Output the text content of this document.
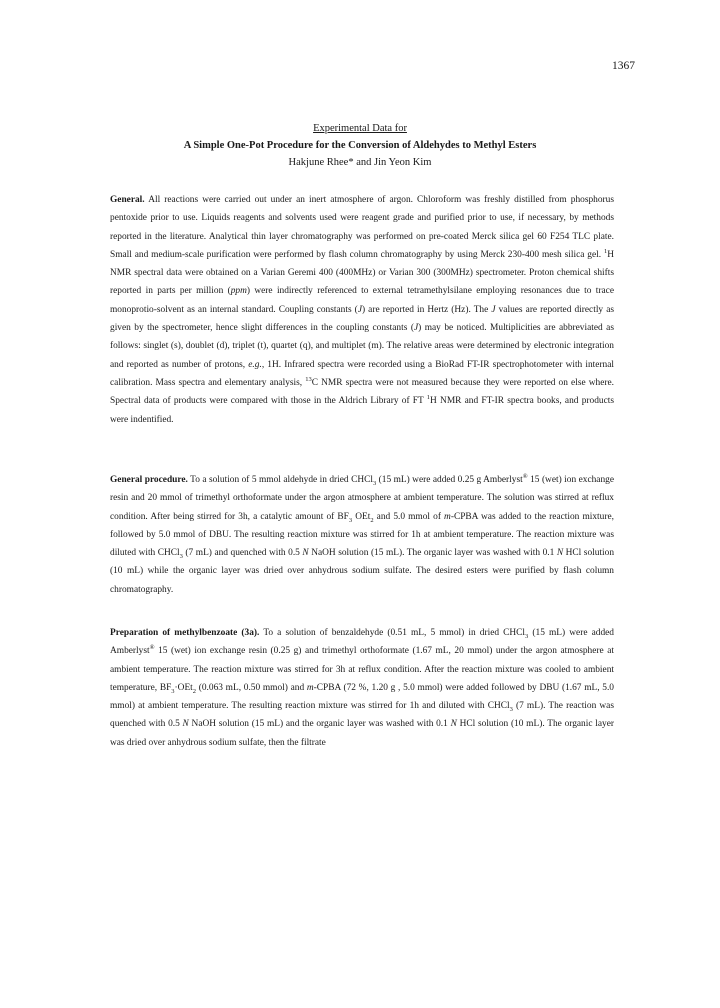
1367
Experimental Data for
A Simple One-Pot Procedure for the Conversion of Aldehydes to Methyl Esters
Hakjune Rhee* and Jin Yeon Kim

General. All reactions were carried out under an inert atmosphere of argon. Chloroform was freshly distilled from phosphorus pentoxide prior to use. Liquids reagents and solvents used were reagent grade and purified prior to use, if necessary, by methods reported in the literature. Analytical thin layer chromatography was performed on pre-coated Merck silica gel 60 F254 TLC plate. Small and medium-scale purification were performed by flash column chromatography by using Merck 230-400 mesh silica gel. $^1$H NMR spectral data were obtained on a Varian Geremi 400 (400MHz) or Varian 300 (300MHz) spectrometer. Proton chemical shifts reported in parts per million (ppm) were indirectly referenced to external tetramethylsilane employing resonances due to trace monoprotio-solvent as an internal standard. Coupling constants (J) are reported in Hertz (Hz). The J values are reported directly as given by the spectrometer, hence slight differences in the coupling constants (J) may be noticed. Multiplicities are abbreviated as follows: singlet (s), doublet (d), triplet (t), quartet (q), and multiplet (m). The relative areas were determined by electronic integration and reported as number of protons, e.g., 1H. Infrared spectra were recorded using a BioRad FT-IR spectrophotometer with internal calibration. Mass spectra and elementary analysis, $^{13}$C NMR spectra were not measured because they were reported on else where. Spectral data of products were compared with those in the Aldrich Library of FT $^1$H NMR and FT-IR spectra books, and products were indentified.

General procedure. To a solution of 5 mmol aldehyde in dried CHCl$_3$ (15 mL) were added 0.25 g Amberlyst® 15 (wet) ion exchange resin and 20 mmol of trimethyl orthoformate under the argon atmosphere at ambient temperature. The solution was stirred at reflux condition. After being stirred for 3h, a catalytic amount of $BF_3$ OEt$_2$ and 5.0 mmol of m-CPBA was added to the reaction mixture, followed by 5.0 mmol of DBU. The resulting reaction mixture was stirred for 1h at ambient temperature. The reaction mixture was diluted with CHCl$_3$ (7 mL) and quenched with 0.5 N NaOH solution (15 mL). The organic layer was washed with 0.1 N HCl solution (10 mL) while the organic layer was dried over anhydrous sodium sulfate. The desired esters were purified by flash column chromatography.

Preparation of methylbenzoate (3a). To a solution of benzaldehyde (0.51 mL, 5 mmol) in dried CHCl$_3$ (15 mL) were added Amberlyst® 15 (wet) ion exchange resin (0.25 g) and trimethyl orthoformate (1.67 mL, 20 mmol) under the argon atmosphere at ambient temperature. The reaction mixture was stirred for 3h at reflux condition. After the reaction mixture was cooled to ambient temperature, $BF_3\cdot OEt_2$ (0.063 mL, 0.50 mmol) and m-CPBA (72 %, 1.20 g , 5.0 mmol) were added followed by DBU (1.67 mL, 5.0 mmol) at ambient temperature. The resulting reaction mixture was stirred for 1h and diluted with CHCl$_3$ (7 mL). The reaction was quenched with 0.5 N NaOH solution (15 mL) and the organic layer was washed with 0.1 N HCl solution (10 mL). The organic layer was dried over anhydrous sodium sulfate, then the filtrate
